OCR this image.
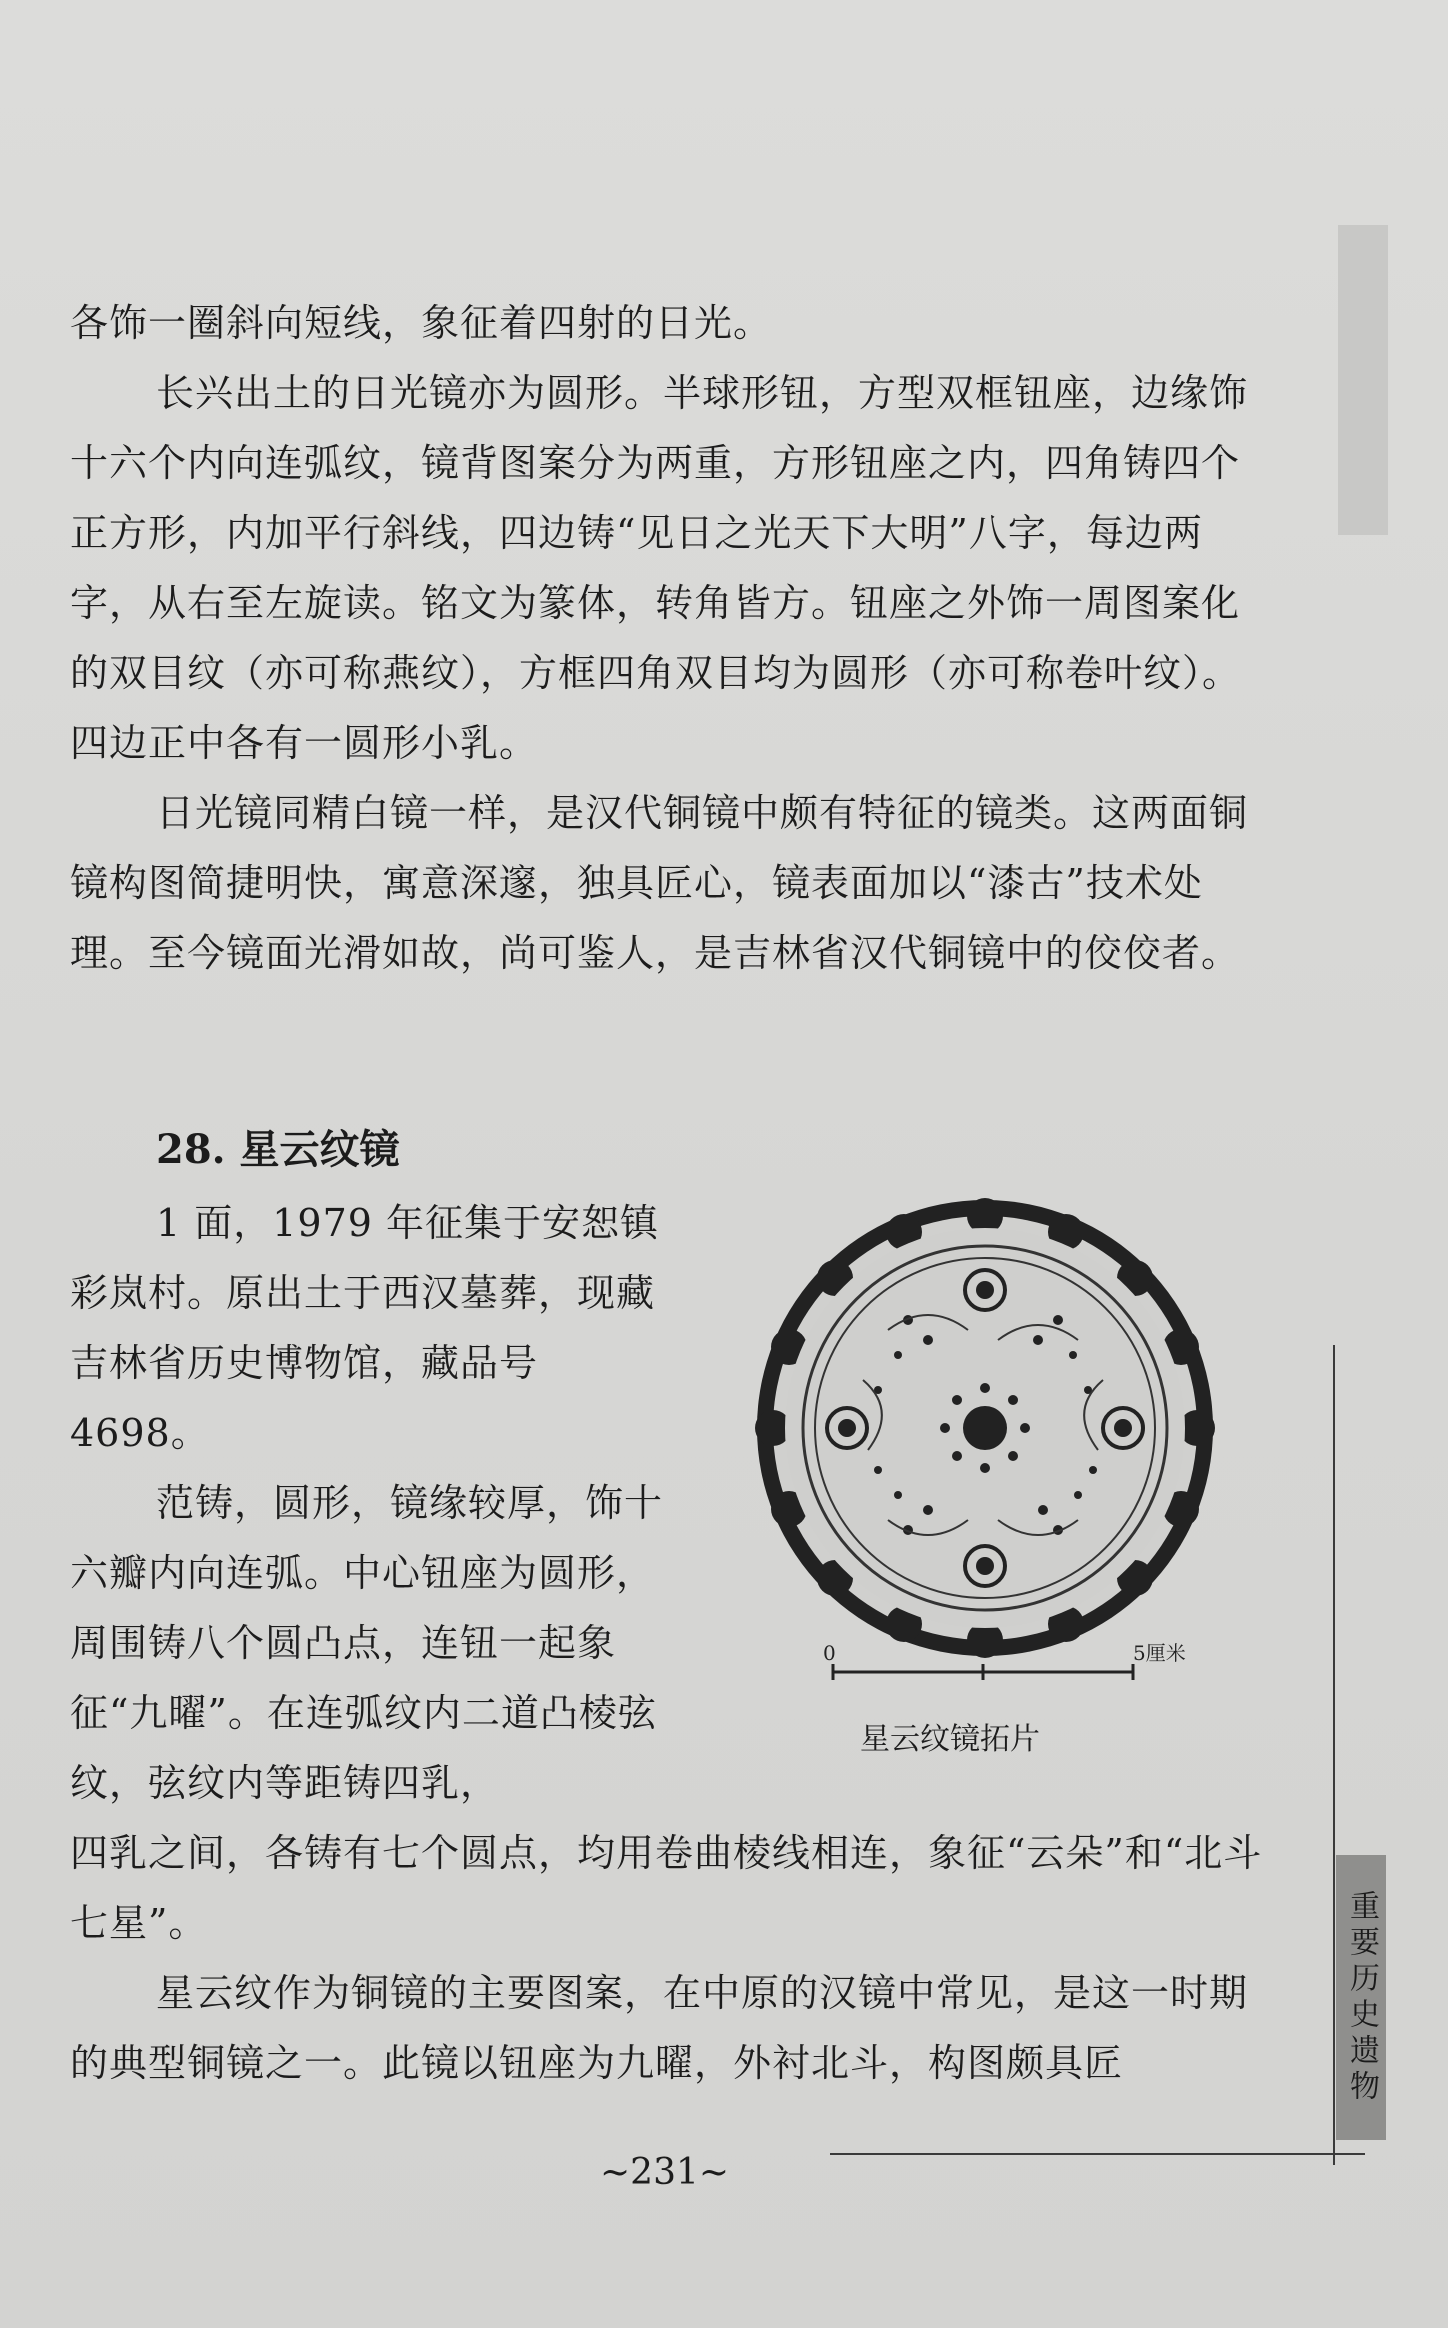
各饰一圈斜向短线，象征着四射的日光。

长兴出土的日光镜亦为圆形。半球形钮，方型双框钮座，边缘饰十六个内向连弧纹，镜背图案分为两重，方形钮座之内，四角铸四个正方形，内加平行斜线，四边铸“见日之光天下大明”八字，每边两字，从右至左旋读。铭文为篆体，转角皆方。钮座之外饰一周图案化的双目纹（亦可称燕纹），方框四角双目均为圆形（亦可称卷叶纹）。四边正中各有一圆形小乳。

日光镜同精白镜一样，是汉代铜镜中颇有特征的镜类。这两面铜镜构图简捷明快，寓意深邃，独具匠心，镜表面加以“漆古”技术处理。至今镜面光滑如故，尚可鉴人，是吉林省汉代铜镜中的佼佼者。

28. 星云纹镜

1 面，1979 年征集于安恕镇彩岚村。原出土于西汉墓葬，现藏吉林省历史博物馆，藏品号 4698。

范铸，圆形，镜缘较厚，饰十六瓣内向连弧。中心钮座为圆形，周围铸八个圆凸点，连钮一起象征“九曜”。在连弧纹内二道凸棱弦纹，弦纹内等距铸四乳，

四乳之间，各铸有七个圆点，均用卷曲棱线相连，象征“云朵”和“北斗七星”。

星云纹作为铜镜的主要图案，在中原的汉镜中常见，是这一时期的典型铜镜之一。此镜以钮座为九曜，外衬北斗，构图颇具匠

0	5厘米
星云纹镜拓片
重要历史遗物
~231~
